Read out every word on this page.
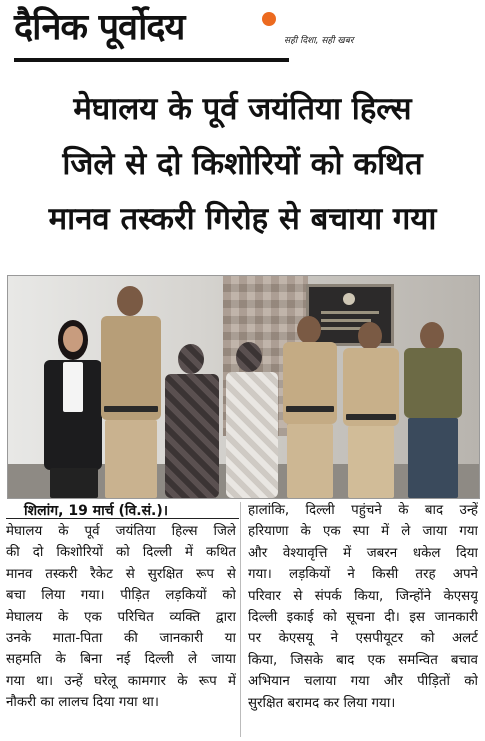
दैनिक पूर्वोदय	सही दिशा, सही खबर
मेघालय के पूर्व जयंतिया हिल्स
जिले से दो किशोरियों को कथित
मानव तस्करी गिरोह से बचाया गया
शिलांग, 19 मार्च (वि.सं.)।
मेघालय के पूर्व जयंतिया हिल्स जिले
की दो किशोरियों को दिल्ली में कथित
मानव तस्करी रैकेट से सुरक्षित रूप से
बचा लिया गया। पीड़ित लड़कियों को
मेघालय के एक परिचित व्यक्ति द्वारा
उनके माता-पिता की जानकारी या
सहमति के बिना नई दिल्ली ले जाया
गया था। उन्हें घरेलू कामगार के रूप में
नौकरी का लालच दिया गया था।
हालांकि, दिल्ली पहुंचने के बाद उन्हें
हरियाणा के एक स्पा में ले जाया गया
और वेश्यावृत्ति में जबरन धकेल दिया
गया। लड़कियों ने किसी तरह अपने
परिवार से संपर्क किया, जिन्होंने केएसयू
दिल्ली इकाई को सूचना दी। इस जानकारी
पर केएसयू ने एसपीयूटर को अलर्ट
किया, जिसके बाद एक समन्वित बचाव
अभियान चलाया गया और पीड़ितों को
सुरक्षित बरामद कर लिया गया।
